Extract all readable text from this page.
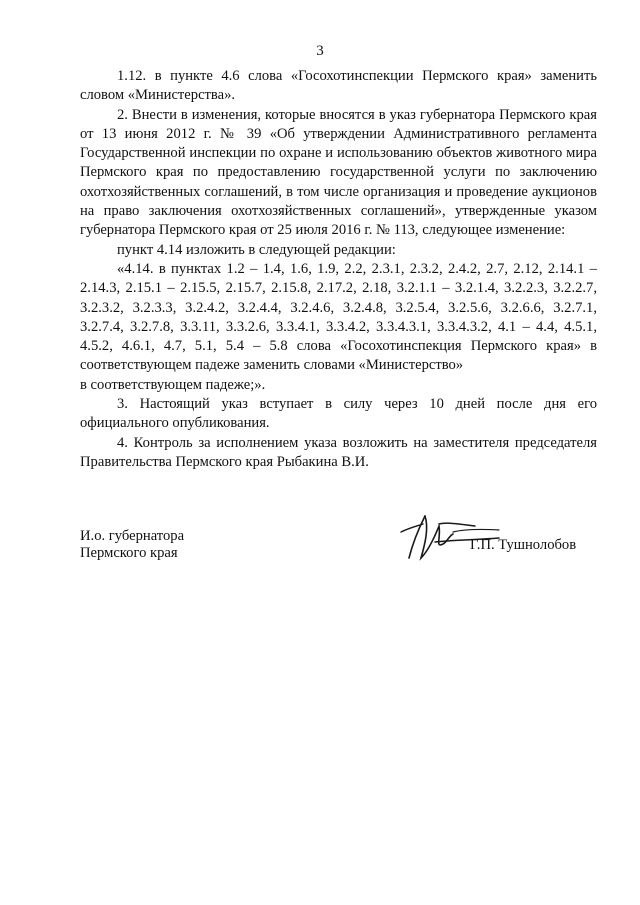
3

1.12. в пункте 4.6 слова «Госохотинспекции Пермского края» заменить словом «Министерства».

2. Внести в изменения, которые вносятся в указ губернатора Пермского края от 13 июня 2012 г. № 39 «Об утверждении Административного регламента Государственной инспекции по охране и использованию объектов животного мира Пермского края по предоставлению государственной услуги по заключению охотхозяйственных соглашений, в том числе организация и проведение аукционов на право заключения охотхозяйственных соглашений», утвержденные указом губернатора Пермского края от 25 июля 2016 г. № 113, следующее изменение:

пункт 4.14 изложить в следующей редакции:

«4.14. в пунктах 1.2 – 1.4, 1.6, 1.9, 2.2, 2.3.1, 2.3.2, 2.4.2, 2.7, 2.12, 2.14.1 – 2.14.3, 2.15.1 – 2.15.5, 2.15.7, 2.15.8, 2.17.2, 2.18, 3.2.1.1 – 3.2.1.4, 3.2.2.3, 3.2.2.7, 3.2.3.2, 3.2.3.3, 3.2.4.2, 3.2.4.4, 3.2.4.6, 3.2.4.8, 3.2.5.4, 3.2.5.6, 3.2.6.6, 3.2.7.1, 3.2.7.4, 3.2.7.8, 3.3.11, 3.3.2.6, 3.3.4.1, 3.3.4.2, 3.3.4.3.1, 3.3.4.3.2, 4.1 – 4.4, 4.5.1, 4.5.2, 4.6.1, 4.7, 5.1, 5.4 – 5.8 слова «Госохотинспекция Пермского края» в соответствующем падеже заменить словами «Министерство»

в соответствующем падеже;».

3. Настоящий указ вступает в силу через 10 дней после дня его официального опубликования.

4. Контроль за исполнением указа возложить на заместителя председателя Правительства Пермского края Рыбакина В.И.

И.о. губернатора
Пермского края	Г.П. Тушнолобов
